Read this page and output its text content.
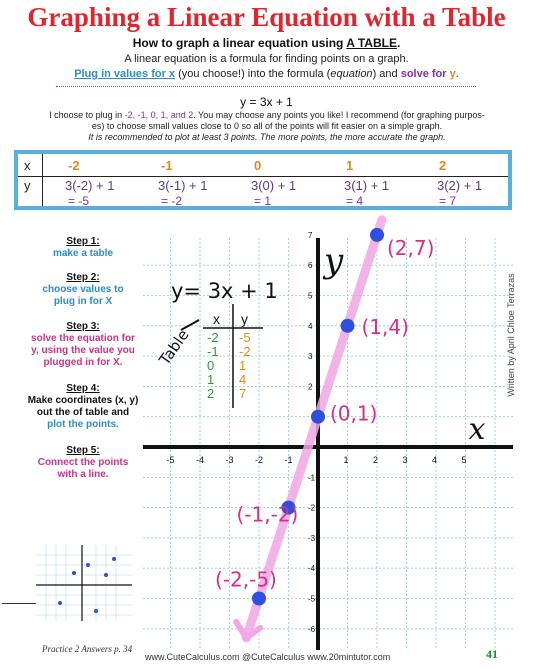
Graphing a Linear Equation with a Table
How to graph a linear equation using A TABLE.
A linear equation is a formula for finding points on a graph.
Plug in values for x (you choose!) into the formula (equation) and solve for y.
y = 3x + 1
I choose to plug in -2, -1, 0, 1, and 2. You may choose any points you like! I recommend (for graphing purpos-
es) to choose small values close to 0 so all of the points will fit easier on a simple graph.
It is recommended to plot at least 3 points. The more points, the more accurate the graph.
x	-2	-1	0	1	2
y	3(-2) + 1	3(-1) + 1	3(0) + 1	3(1) + 1	3(2) + 1
= -5	= -2	= 1	= 4	= 7
Step 1:
make a table
Step 2:
choose values to
plug in for X
Step 3:
solve the equation for
y, using the value you
plugged in for X.
Step 4:
Make coordinates (x, y)
out the of table and
plot the points.
Step 5:
Connect the points
with a line.
-5 -4 -3 -2 -1	1	2	3	4	5
7
6
5
4
3
2
-1
-2
-3
-4
-5
-6
y= 3x + 1
Table
x y
-2 -5
-1 -2
0 1
1 4
2 7
(2,7)
(1,4)
(0,1)
(-1,-2)
(-2,-5)
x
y
Practice 2 Answers p. 34
www.CuteCalculus.com @CuteCalculus www.20mintutor.com	41
Written by April Chloe Terrazas
